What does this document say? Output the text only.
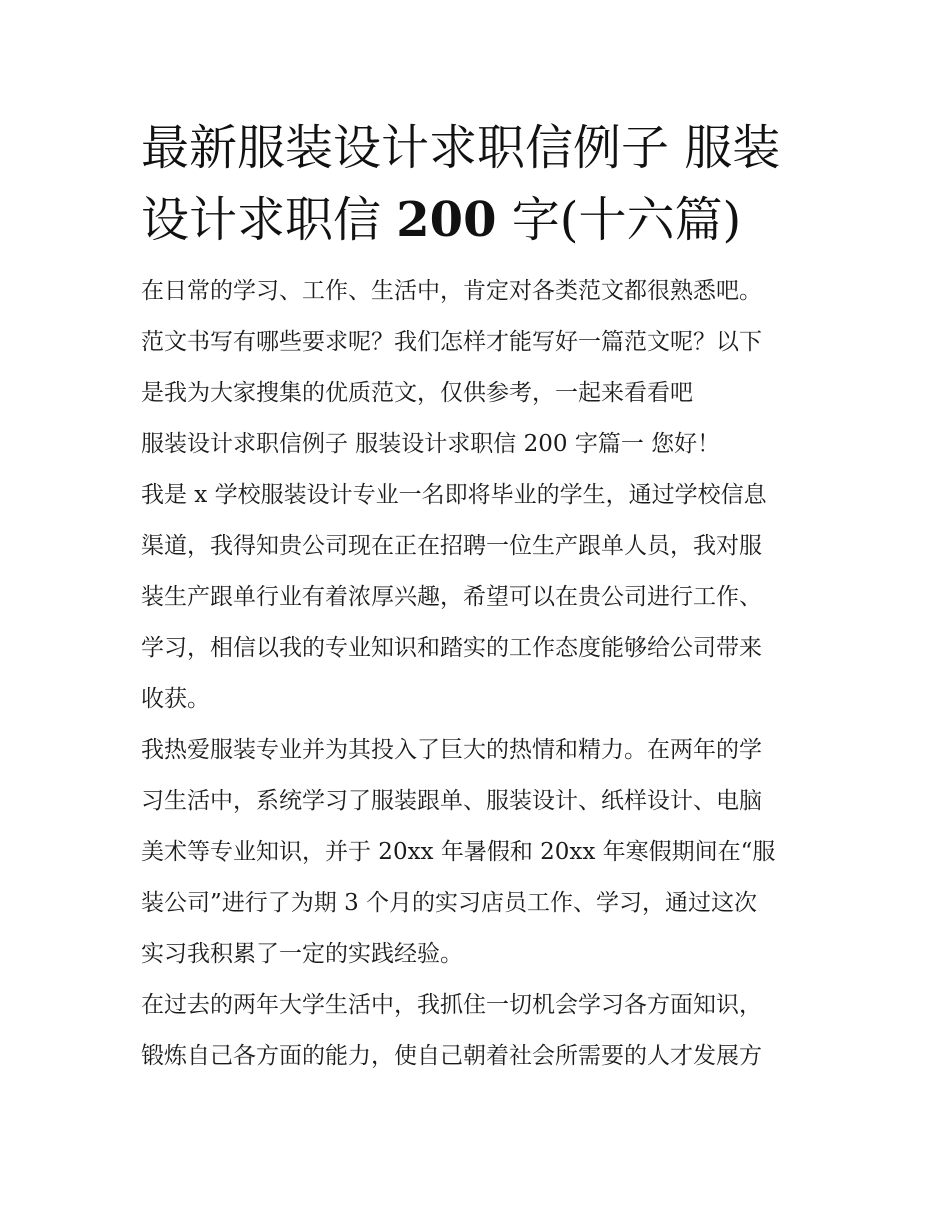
最新服装设计求职信例子 服装
设计求职信 200 字(十六篇)
在日常的学习、工作、生活中，肯定对各类范文都很熟悉吧。
范文书写有哪些要求呢？我们怎样才能写好一篇范文呢？以下
是我为大家搜集的优质范文，仅供参考，一起来看看吧
服装设计求职信例子 服装设计求职信 200 字篇一 您好！
我是 x 学校服装设计专业一名即将毕业的学生，通过学校信息
渠道，我得知贵公司现在正在招聘一位生产跟单人员，我对服
装生产跟单行业有着浓厚兴趣，希望可以在贵公司进行工作、
学习，相信以我的专业知识和踏实的工作态度能够给公司带来
收获。
我热爱服装专业并为其投入了巨大的热情和精力。在两年的学
习生活中，系统学习了服装跟单、服装设计、纸样设计、电脑
美术等专业知识，并于 20xx 年暑假和 20xx 年寒假期间在“服
装公司”进行了为期 3 个月的实习店员工作、学习，通过这次
实习我积累了一定的实践经验。
在过去的两年大学生活中，我抓住一切机会学习各方面知识，
锻炼自己各方面的能力，使自己朝着社会所需要的人才发展方
